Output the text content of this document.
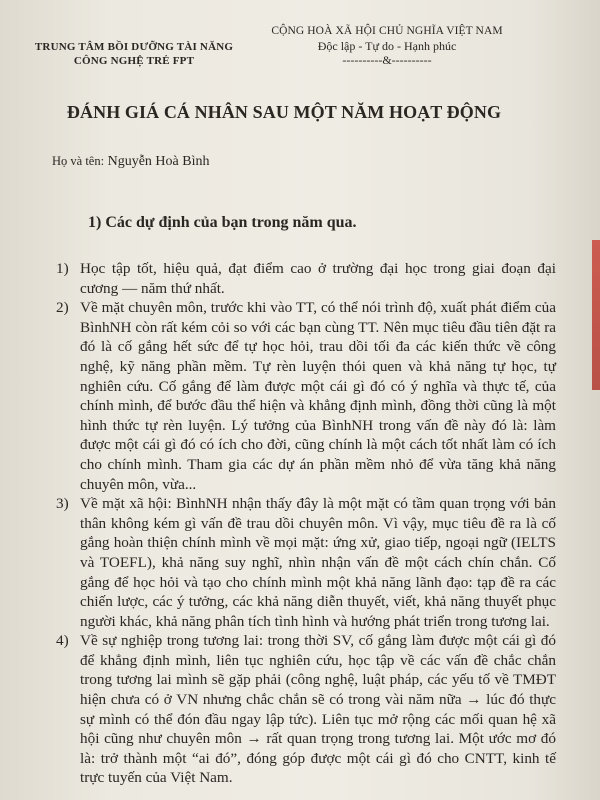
TRUNG TÂM BỒI DƯỠNG TÀI NĂNG
CÔNG NGHỆ TRẺ FPT
CỘNG HOÀ XÃ HỘI CHỦ NGHĨA VIỆT NAM
Độc lập - Tự do - Hạnh phúc
----------&----------
ĐÁNH GIÁ CÁ NHÂN SAU MỘT NĂM HOẠT ĐỘNG
Họ và tên: Nguyễn Hoà Bình
1) Các dự định của bạn trong năm qua.
1) Học tập tốt, hiệu quả, đạt điểm cao ở trường đại học trong giai đoạn đại cương — năm thứ nhất.
2) Về mặt chuyên môn, trước khi vào TT, có thể nói trình độ, xuất phát điểm của BìnhNH còn rất kém cỏi so với các bạn cùng TT. Nên mục tiêu đầu tiên đặt ra đó là cố gắng hết sức để tự học hỏi, trau dồi tối đa các kiến thức về công nghệ, kỹ năng phần mềm. Tự rèn luyện thói quen và khả năng tự học, tự nghiên cứu. Cố gắng để làm được một cái gì đó có ý nghĩa và thực tế, của chính mình, để bước đầu thể hiện và khẳng định mình, đồng thời cũng là một hình thức tự rèn luyện. Lý tưởng của BìnhNH trong vấn đề này đó là: làm được một cái gì đó có ích cho đời, cũng chính là một cách tốt nhất làm có ích cho chính mình. Tham gia các dự án phần mềm nhỏ để vừa tăng khả năng chuyên môn, vừa...
3) Về mặt xã hội: BìnhNH nhận thấy đây là một mặt có tầm quan trọng với bản thân không kém gì vấn đề trau dồi chuyên môn. Vì vậy, mục tiêu đề ra là cố gắng hoàn thiện chính mình về mọi mặt: ứng xử, giao tiếp, ngoại ngữ (IELTS và TOEFL), khả năng suy nghĩ, nhìn nhận vấn đề một cách chín chắn. Cố gắng để học hỏi và tạo cho chính mình một khả năng lãnh đạo: tạp đề ra các chiến lược, các ý tưởng, các khả năng diễn thuyết, viết, khả năng thuyết phục người khác, khả năng phân tích tình hình và hướng phát triển trong tương lai.
4) Về sự nghiệp trong tương lai: trong thời SV, cố gắng làm được một cái gì đó để khẳng định mình, liên tục nghiên cứu, học tập về các vấn đề chắc chắn trong tương lai mình sẽ gặp phải (công nghệ, luật pháp, các yếu tố về TMĐT hiện chưa có ở VN nhưng chắc chắn sẽ có trong vài năm nữa → lúc đó thực sự mình có thể đón đầu ngay lập tức). Liên tục mở rộng các mối quan hệ xã hội cũng như chuyên môn → rất quan trọng trong tương lai. Một ước mơ đó là: trở thành một “ai đó”, đóng góp được một cái gì đó cho CNTT, kinh tế trực tuyến của Việt Nam.
